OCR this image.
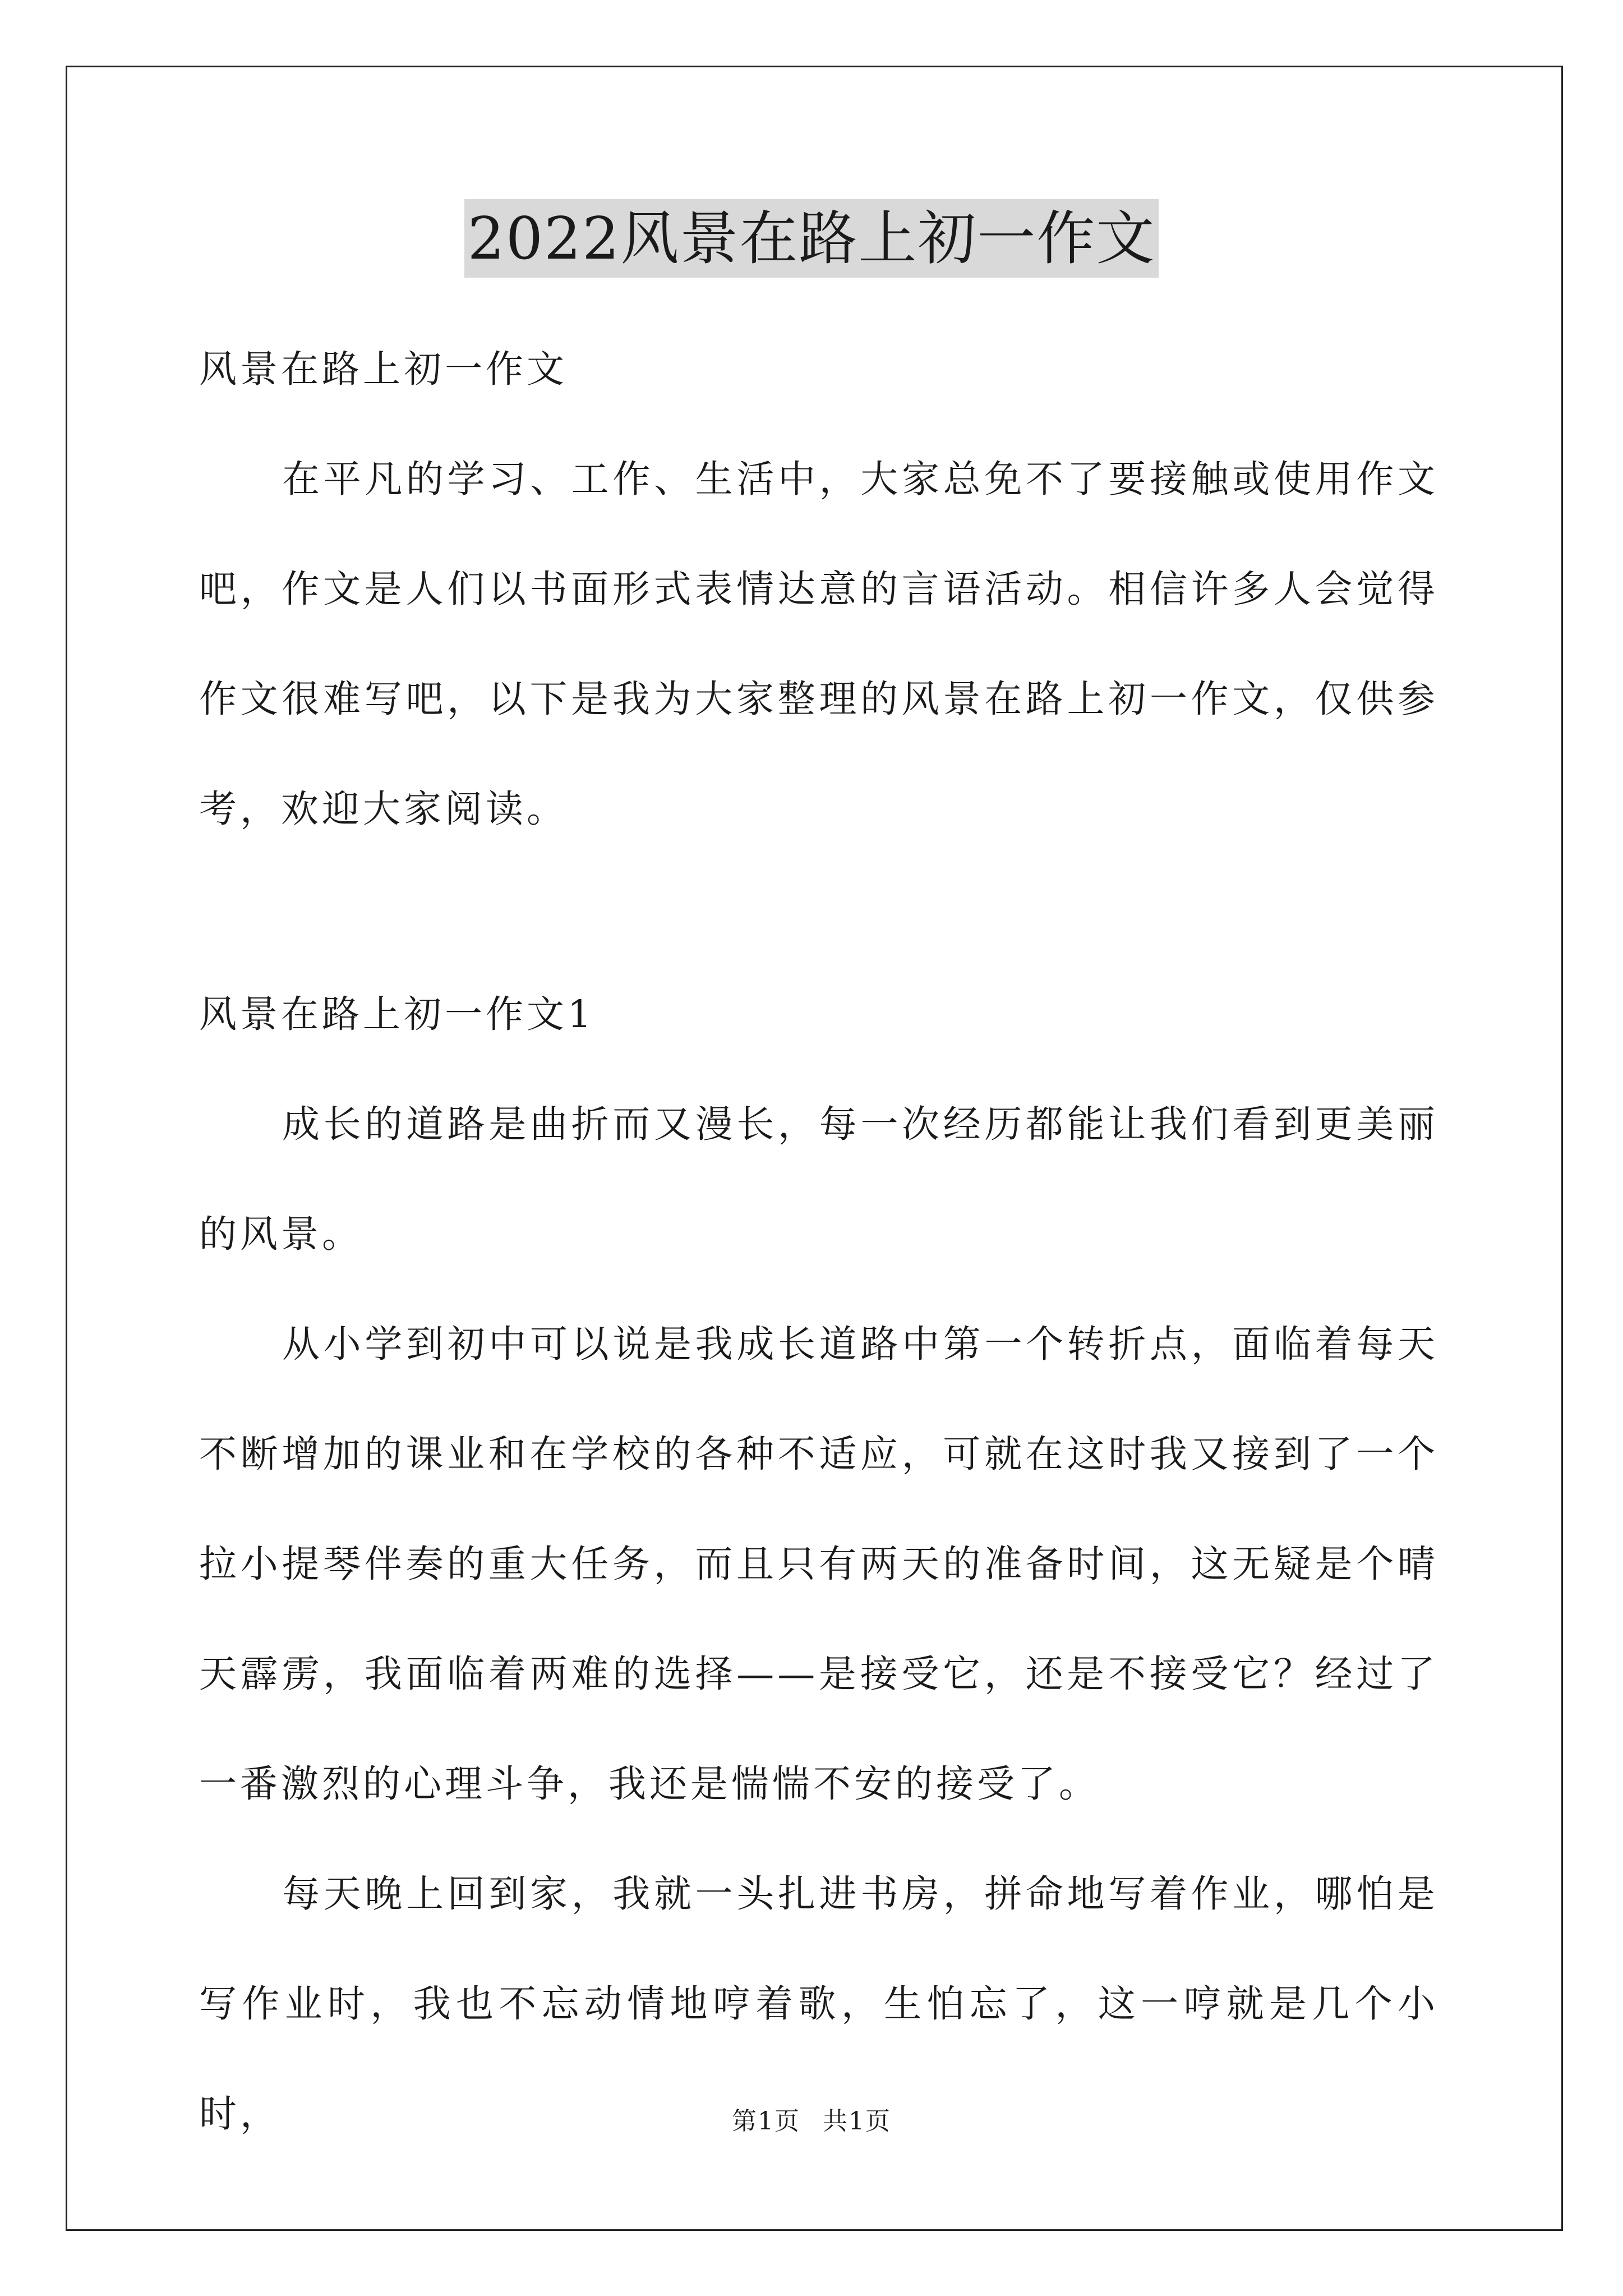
2022风景在路上初一作文

风景在路上初一作文

在平凡的学习、工作、生活中，大家总免不了要接触或使用作文吧，作文是人们以书面形式表情达意的言语活动。相信许多人会觉得作文很难写吧，以下是我为大家整理的风景在路上初一作文，仅供参考，欢迎大家阅读。

风景在路上初一作文1

成长的道路是曲折而又漫长，每一次经历都能让我们看到更美丽的风景。

从小学到初中可以说是我成长道路中第一个转折点，面临着每天不断增加的课业和在学校的各种不适应，可就在这时我又接到了一个拉小提琴伴奏的重大任务，而且只有两天的准备时间，这无疑是个晴天霹雳，我面临着两难的选择——是接受它，还是不接受它？经过了一番激烈的心理斗争，我还是惴惴不安的接受了。

每天晚上回到家，我就一头扎进书房，拼命地写着作业，哪怕是写作业时，我也不忘动情地哼着歌，生怕忘了，这一哼就是几个小时，	第1页 共1页
